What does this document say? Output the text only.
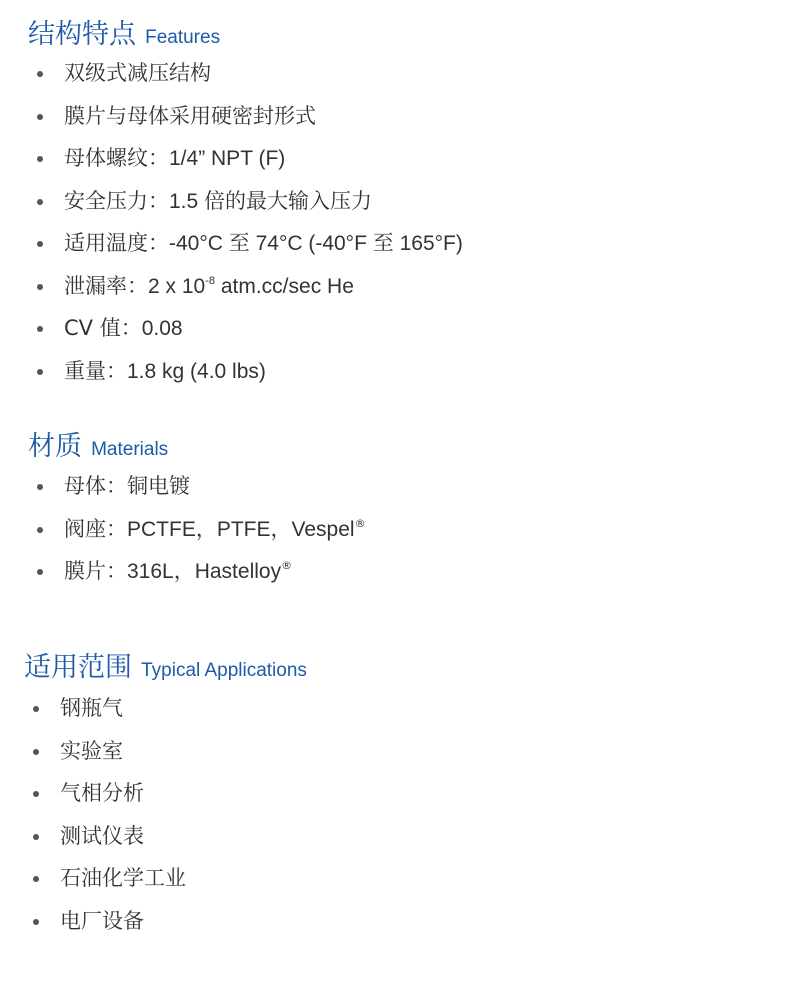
结构特点 Features
双级式减压结构
膜片与母体采用硬密封形式
母体螺纹：1/4” NPT (F)
安全压力：1.5 倍的最大输入压力
适用温度：-40°C 至 74°C (-40°F 至 165°F)
泄漏率：2 x $10^{-8}$ atm.cc/sec He
CV 值：0.08
重量：1.8 kg (4.0 lbs)
材质 Materials
母体：铜电镀
阀座：PCTFE，PTFE，Vespel®
膜片：316L，Hastelloy®
适用范围 Typical Applications
钢瓶气
实验室
气相分析
测试仪表
石油化学工业
电厂设备
